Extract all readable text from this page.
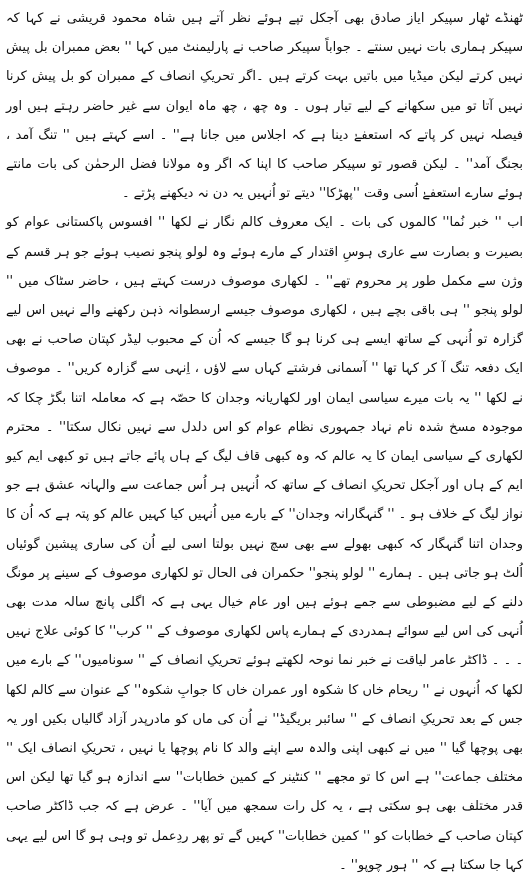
ٹھنڈے ٹھار سپیکر ایاز صادق بھی آجکل تپے ہوئے نظر آتے ہیں شاہ محمود قریشی نے کہا کہ سپیکر ہماری بات نہیں سنتے ۔ جواباً سپیکر صاحب نے پارلیمنٹ میں کہا '' بعض ممبران بل پیش نہیں کرتے لیکن میڈیا میں باتیں بہت کرتے ہیں ۔اگر تحریکِ انصاف کے ممبران کو بل پیش کرنا نہیں آتا تو میں سکھانے کے لیے تیار ہوں ۔ وہ چھ ، چھ ماہ ایوان سے غیر حاضر رہتے ہیں اور فیصلہ نہیں کر پاتے کہ استعفےٰ دینا ہے کہ اجلاس میں جانا ہے'' ۔ اسے کہتے ہیں '' تنگ آمد ، بجنگ آمد'' ۔ لیکن قصور تو سپیکر صاحب کا اپنا کہ اگر وہ مولانا فضل الرحمٰن کی بات مانتے ہوئے سارے استعفےٰ اُسی وقت ''پھڑکا'' دیتے تو اُنہیں یہ دن نہ دیکھنے پڑتے ۔

اب '' خبر نُما'' کالموں کی بات ۔ ایک معروف کالم نگار نے لکھا '' افسوس پاکستانی عوام کو بصیرت و بصارت سے عاری ہوسِ اقتدار کے مارے ہوئے وہ لولو پنجو نصیب ہوئے جو ہر قسم کے وژن سے مکمل طور پر محروم تھے'' ۔ لکھاری موصوف درست کہتے ہیں ، حاضر سٹاک میں '' لولو پنجو '' ہی باقی بچے ہیں ، لکھاری موصوف جیسے ارسطوانہ ذہن رکھنے والے نہیں اس لیے گزارہ تو اُنہی کے ساتھ ایسے ہی کرنا ہو گا جیسے کہ اُن کے محبوب لیڈر کپتان صاحب نے بھی ایک دفعہ تنگ آ کر کہا تھا '' آسمانی فرشتے کہاں سے لاؤں ، اِنہی سے گزارہ کریں'' ۔ موصوف نے لکھا '' یہ بات میرے سیاسی ایمان اور لکھاریانہ وجدان کا حصّہ ہے کہ معاملہ اتنا بگڑ چکا کہ موجودہ مسخ شدہ نام نہاد جمہوری نظام عوام کو اس دلدل سے نہیں نکال سکتا'' ۔ محترم لکھاری کے سیاسی ایمان کا یہ عالم کہ وہ کبھی قاف لیگ کے ہاں پائے جاتے ہیں تو کبھی ایم کیو ایم کے ہاں اور آجکل تحریکِ انصاف کے ساتھ کہ اُنہیں ہر اُس جماعت سے والہانہ عشق ہے جو نواز لیگ کے خلاف ہو ۔ '' گنہگارانہ وجدان'' کے بارے میں اُنہیں کیا کہیں عالم کو پتہ ہے کہ اُن کا وجدان اتنا گنہگار کہ کبھی بھولے سے بھی سچ نہیں بولتا اسی لیے اُن کی ساری پیشین گوئیاں اُلٹ ہو جاتی ہیں ۔ ہمارے '' لولو پنجو'' حکمران فی الحال تو لکھاری موصوف کے سینے پر مونگ دلنے کے لیے مضبوطی سے جمے ہوئے ہیں اور عام خیال یہی ہے کہ اگلی پانچ سالہ مدت بھی اُنہی کی اس لیے سوائے ہمدردی کے ہمارے پاس لکھاری موصوف کے '' کرب'' کا کوئی علاج نہیں ۔ ۔ ۔ ڈاکٹر عامر لیاقت نے خبر نما نوحہ لکھتے ہوئے تحریکِ انصاف کے '' سونامیوں'' کے بارے میں لکھا کہ اُنہوں نے '' ریحام خاں کا شکوہ اور عمران خاں کا جوابِ شکوہ'' کے عنوان سے کالم لکھا جس کے بعد تحریکِ انصاف کے '' سائبر بریگیڈ'' نے اُن کی ماں کو مادرپدر آزاد گالیاں بکیں اور یہ بھی پوچھا گیا '' میں نے کبھی اپنی والدہ سے اپنے والد کا نام پوچھا یا نہیں ، تحریکِ انصاف ایک '' مختلف جماعت'' ہے اس کا تو مجھے '' کنٹینر کے کمین خطابات'' سے اندازہ ہو گیا تھا لیکن اس قدر مختلف بھی ہو سکتی ہے ، یہ کل رات سمجھ میں آیا'' ۔ عرض ہے کہ جب ڈاکٹر صاحب کپتان صاحب کے خطابات کو '' کمین خطابات'' کہیں گے تو پھر ردِعمل تو وہی ہو گا اس لیے یہی کہا جا سکتا ہے کہ '' ہور چوپو'' ۔
